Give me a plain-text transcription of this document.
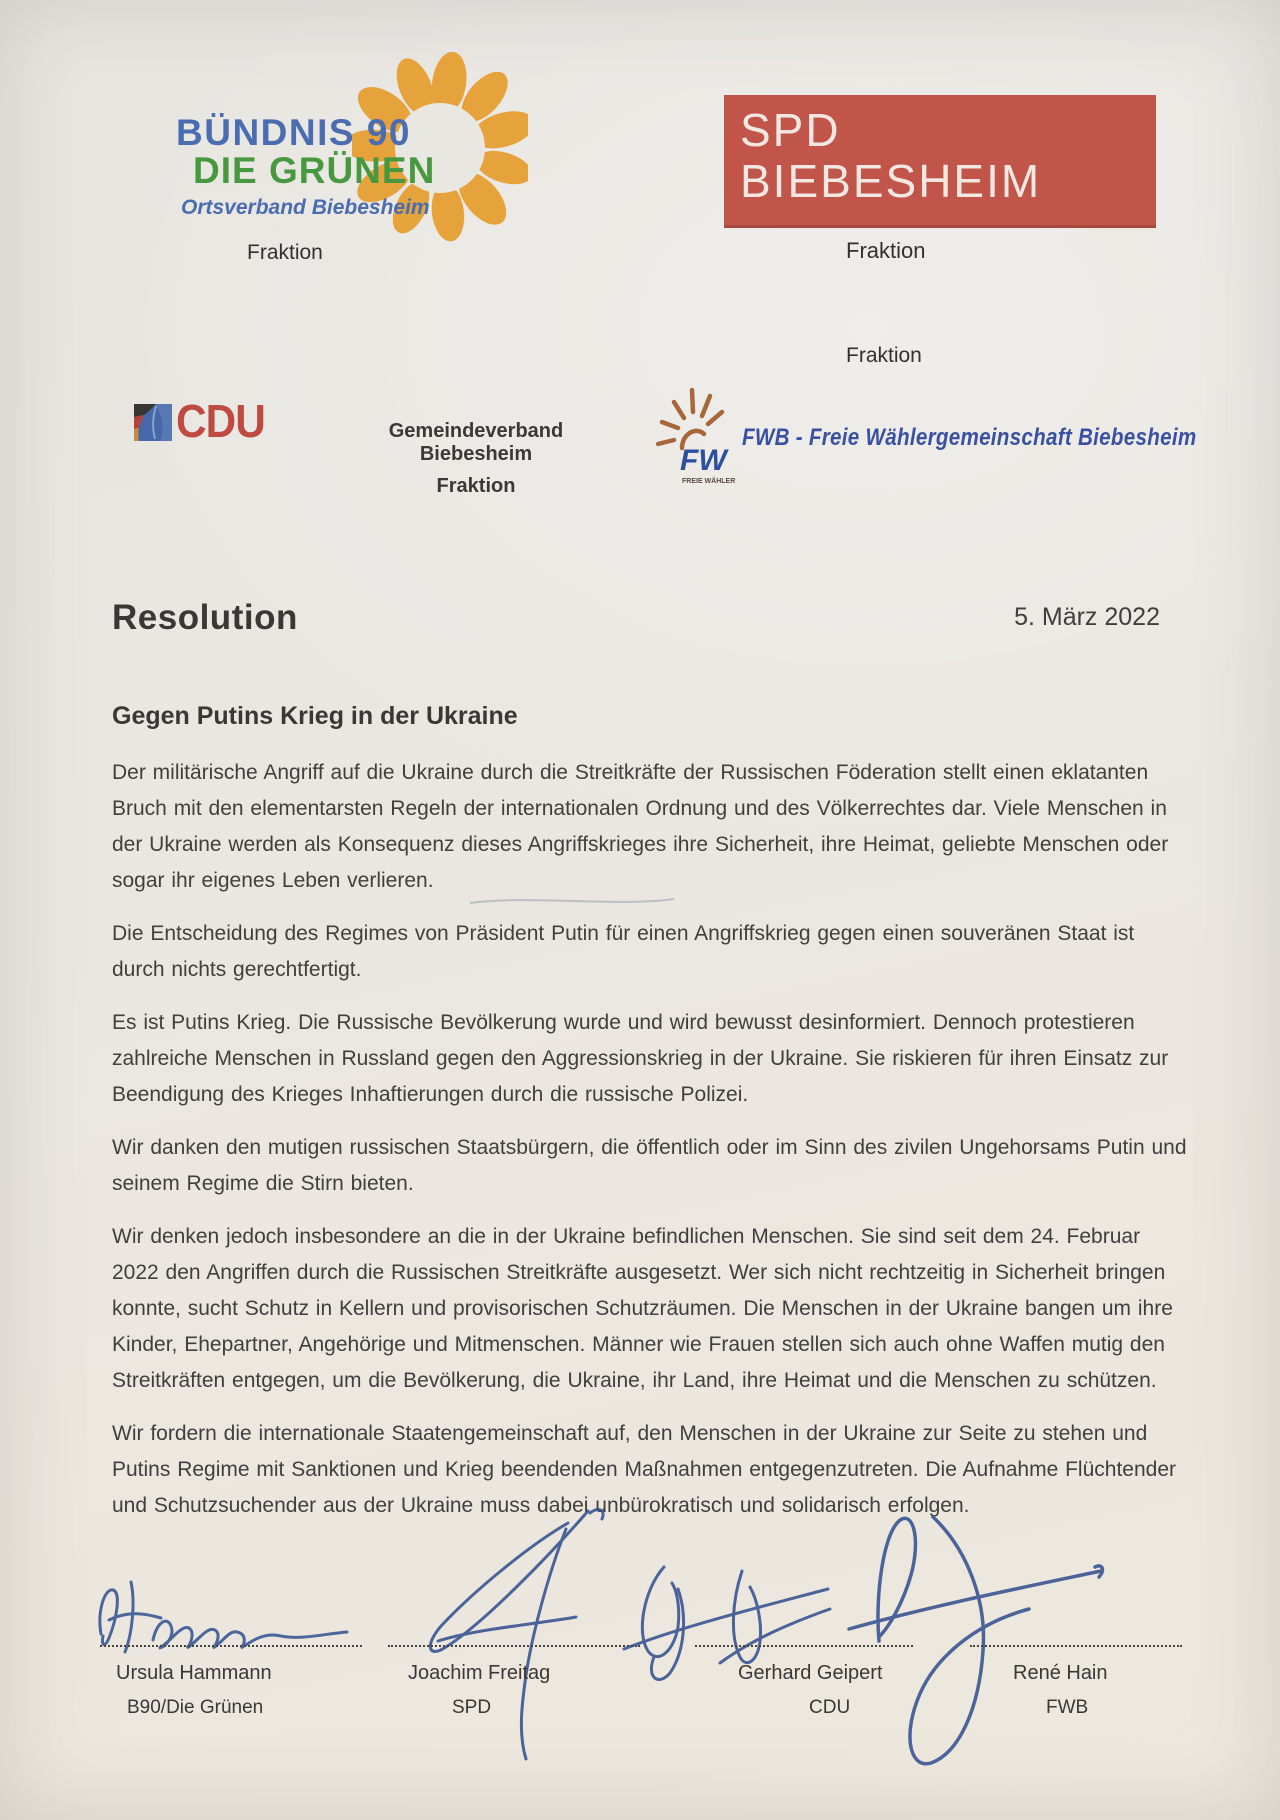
BÜNDNIS 90
DIE GRÜNEN
Ortsverband Biebesheim
Fraktion
SPD BIEBESHEIM
Fraktion
Fraktion
CDU	Gemeindeverband Biebesheim
Fraktion
FW
FREIE WÄHLER
FWB - Freie Wählergemeinschaft Biebesheim
Resolution	5. März 2022
Gegen Putins Krieg in der Ukraine

Der militärische Angriff auf die Ukraine durch die Streitkräfte der Russischen Föderation stellt einen eklatanten Bruch mit den elementarsten Regeln der internationalen Ordnung und des Völkerrechtes dar. Viele Menschen in der Ukraine werden als Konsequenz dieses Angriffskrieges ihre Sicherheit, ihre Heimat, geliebte Menschen oder sogar ihr eigenes Leben verlieren.

Die Entscheidung des Regimes von Präsident Putin für einen Angriffskrieg gegen einen souveränen Staat ist durch nichts gerechtfertigt.

Es ist Putins Krieg. Die Russische Bevölkerung wurde und wird bewusst desinformiert. Dennoch protestieren zahlreiche Menschen in Russland gegen den Aggressionskrieg in der Ukraine. Sie riskieren für ihren Einsatz zur Beendigung des Krieges Inhaftierungen durch die russische Polizei.

Wir danken den mutigen russischen Staatsbürgern, die öffentlich oder im Sinn des zivilen Ungehorsams Putin und seinem Regime die Stirn bieten.

Wir denken jedoch insbesondere an die in der Ukraine befindlichen Menschen. Sie sind seit dem 24. Februar 2022 den Angriffen durch die Russischen Streitkräfte ausgesetzt. Wer sich nicht rechtzeitig in Sicherheit bringen konnte, sucht Schutz in Kellern und provisorischen Schutzräumen. Die Menschen in der Ukraine bangen um ihre Kinder, Ehepartner, Angehörige und Mitmenschen. Männer wie Frauen stellen sich auch ohne Waffen mutig den Streitkräften entgegen, um die Bevölkerung, die Ukraine, ihr Land, ihre Heimat und die Menschen zu schützen.

Wir fordern die internationale Staatengemeinschaft auf, den Menschen in der Ukraine zur Seite zu stehen und Putins Regime mit Sanktionen und Krieg beendenden Maßnahmen entgegenzutreten. Die Aufnahme Flüchtender und Schutzsuchender aus der Ukraine muss dabei unbürokratisch und solidarisch erfolgen.

Ursula Hammann
B90/Die Grünen
Joachim Freitag
SPD
Gerhard Geipert
CDU
René Hain
FWB
